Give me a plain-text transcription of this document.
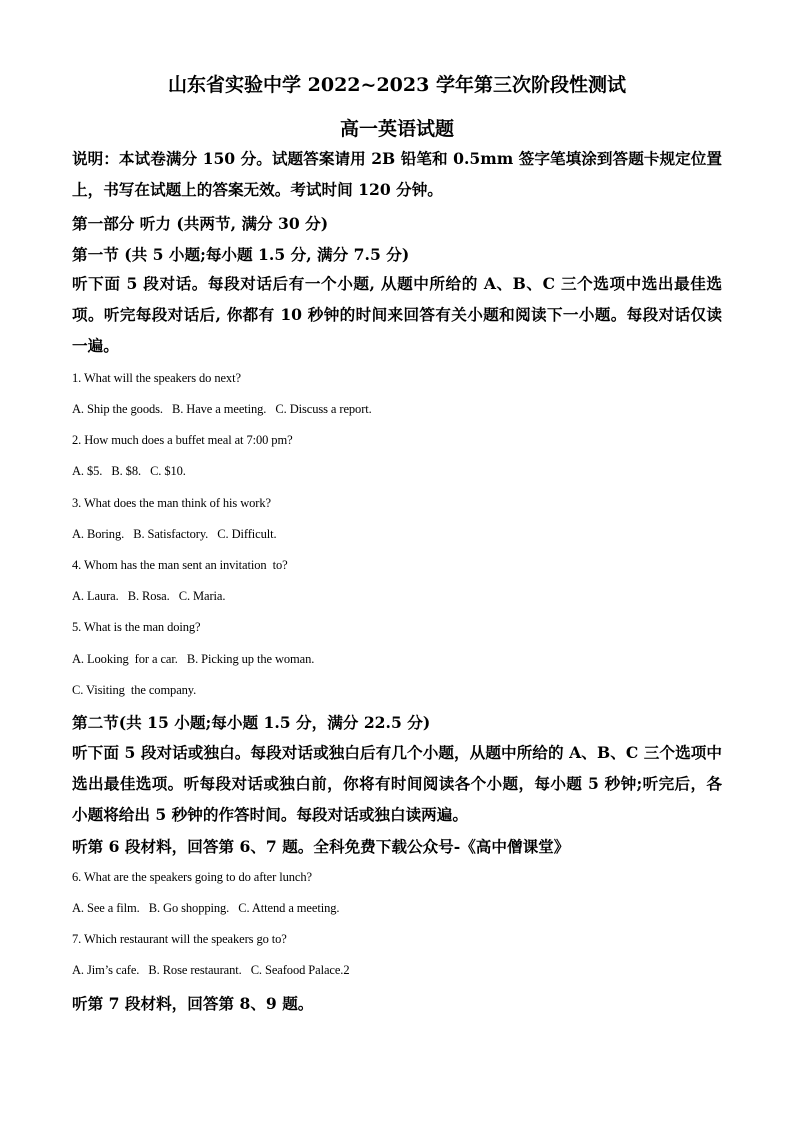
山东省实验中学 2022~2023 学年第三次阶段性测试
高一英语试题
说明：本试卷满分 150 分。试题答案请用 2B 铅笔和 0.5mm 签字笔填涂到答题卡规定位置上，书写在试题上的答案无效。考试时间 120 分钟。
第一部分 听力 (共两节, 满分 30 分)
第一节 (共 5 小题;每小题 1.5 分, 满分 7.5 分)
听下面 5 段对话。每段对话后有一个小题, 从题中所给的 A、B、C 三个选项中选出最佳选项。听完每段对话后, 你都有 10 秒钟的时间来回答有关小题和阅读下一小题。每段对话仅读一遍。
1. What will the speakers do next?
A. Ship the goods.   B. Have a meeting.   C. Discuss a report.
2. How much does a buffet meal at 7:00 pm?
A. $5.   B. $8.   C. $10.
3. What does the man think of his work?
A. Boring.   B. Satisfactory.   C. Difficult.
4. Whom has the man sent an invitation  to?
A. Laura.   B. Rosa.   C. Maria.
5. What is the man doing?
A. Looking  for a car.   B. Picking up the woman.
C. Visiting  the company.
第二节(共 15 小题;每小题 1.5 分，满分 22.5 分)
听下面 5 段对话或独白。每段对话或独白后有几个小题，从题中所给的 A、B、C 三个选项中选出最佳选项。听每段对话或独白前，你将有时间阅读各个小题，每小题 5 秒钟;听完后，各小题将给出 5 秒钟的作答时间。每段对话或独白读两遍。
听第 6 段材料，回答第 6、7 题。全科免费下载公众号-《高中僧课堂》
6. What are the speakers going to do after lunch?
A. See a film.   B. Go shopping.   C. Attend a meeting.
7. Which restaurant will the speakers go to?
A. Jim’s cafe.   B. Rose restaurant.   C. Seafood Palace.2
听第 7 段材料，回答第 8、9 题。
